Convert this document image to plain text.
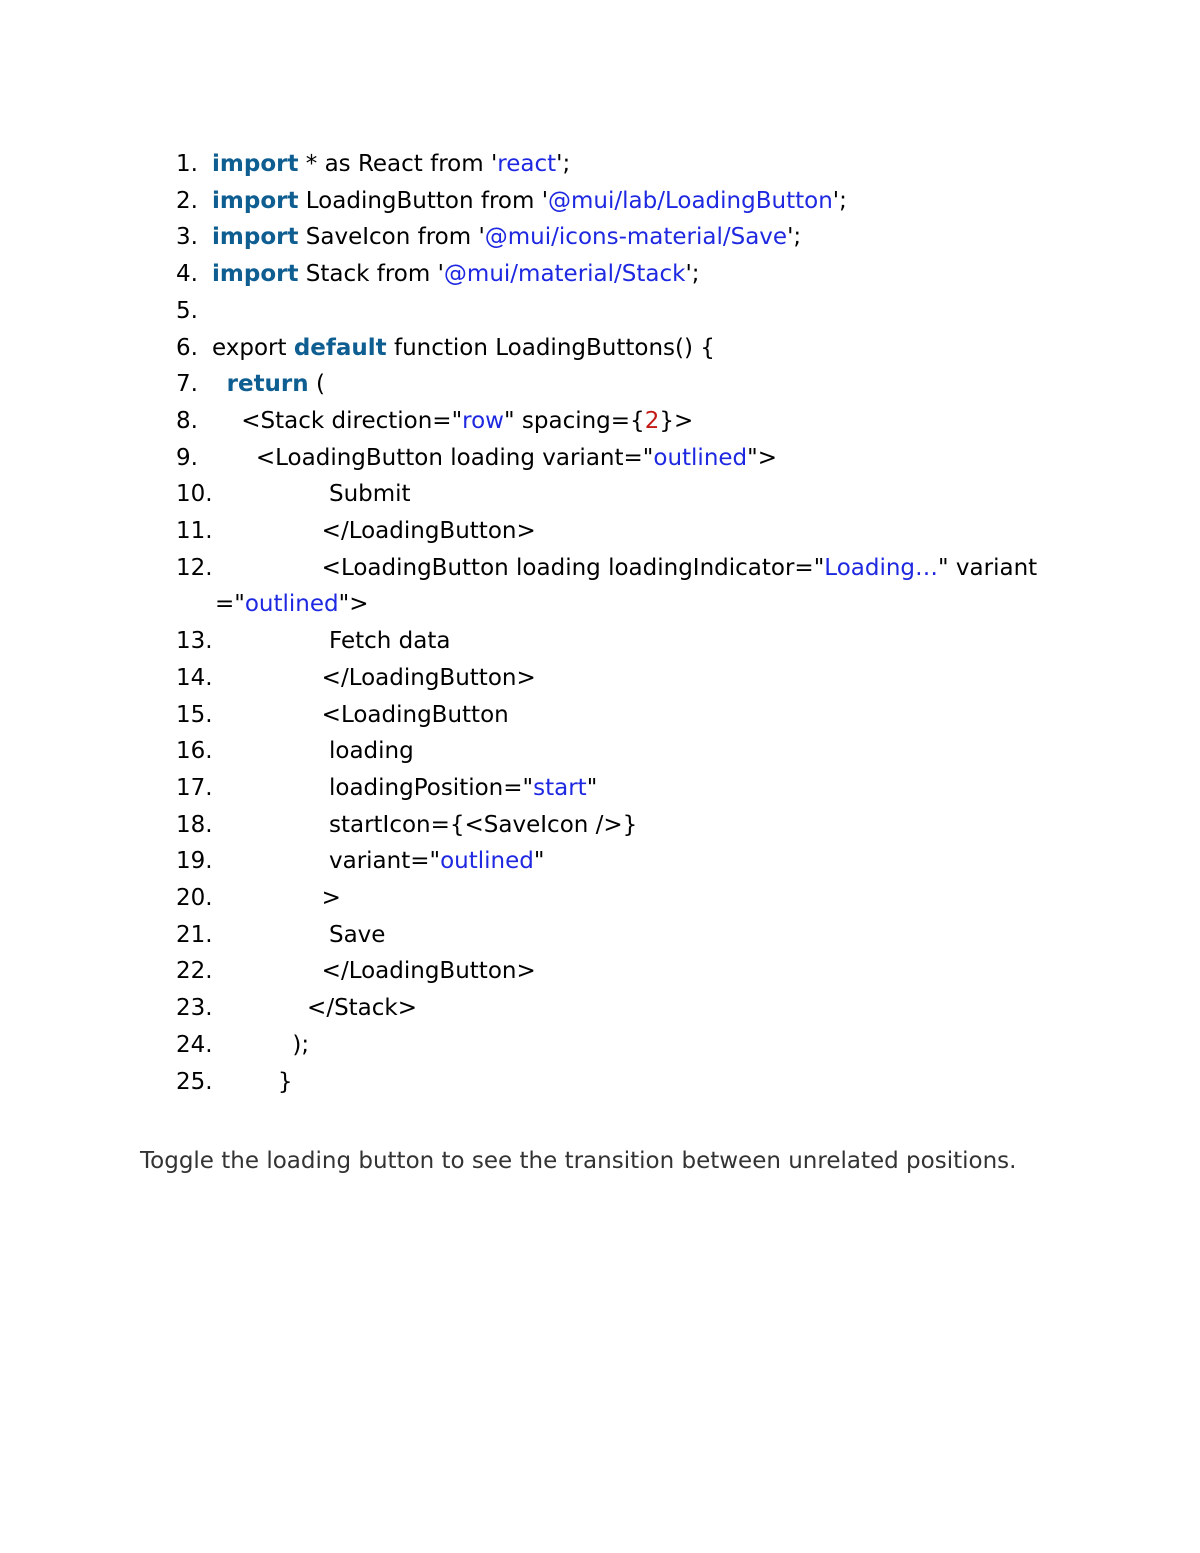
1. import * as React from 'react';
2. import LoadingButton from '@mui/lab/LoadingButton';
3. import SaveIcon from '@mui/icons-material/Save';
4. import Stack from '@mui/material/Stack';
5.

6. export default function LoadingButtons() {
7.	return (
8. <Stack direction="row" spacing={2}>
9. <LoadingButton loading variant="outlined">
10. Submit
11. </LoadingButton>
12. <LoadingButton loading loadingIndicator="Loading…" variant
="outlined">
13. Fetch data
14. </LoadingButton>
15. <LoadingButton
16. loading
17. loadingPosition="start"
18. startIcon={<SaveIcon />}
19. variant="outlined"
20. >
21. Save
22. </LoadingButton>
23. </Stack>
24. );
25. }

Toggle the loading button to see the transition between unrelated positions.
